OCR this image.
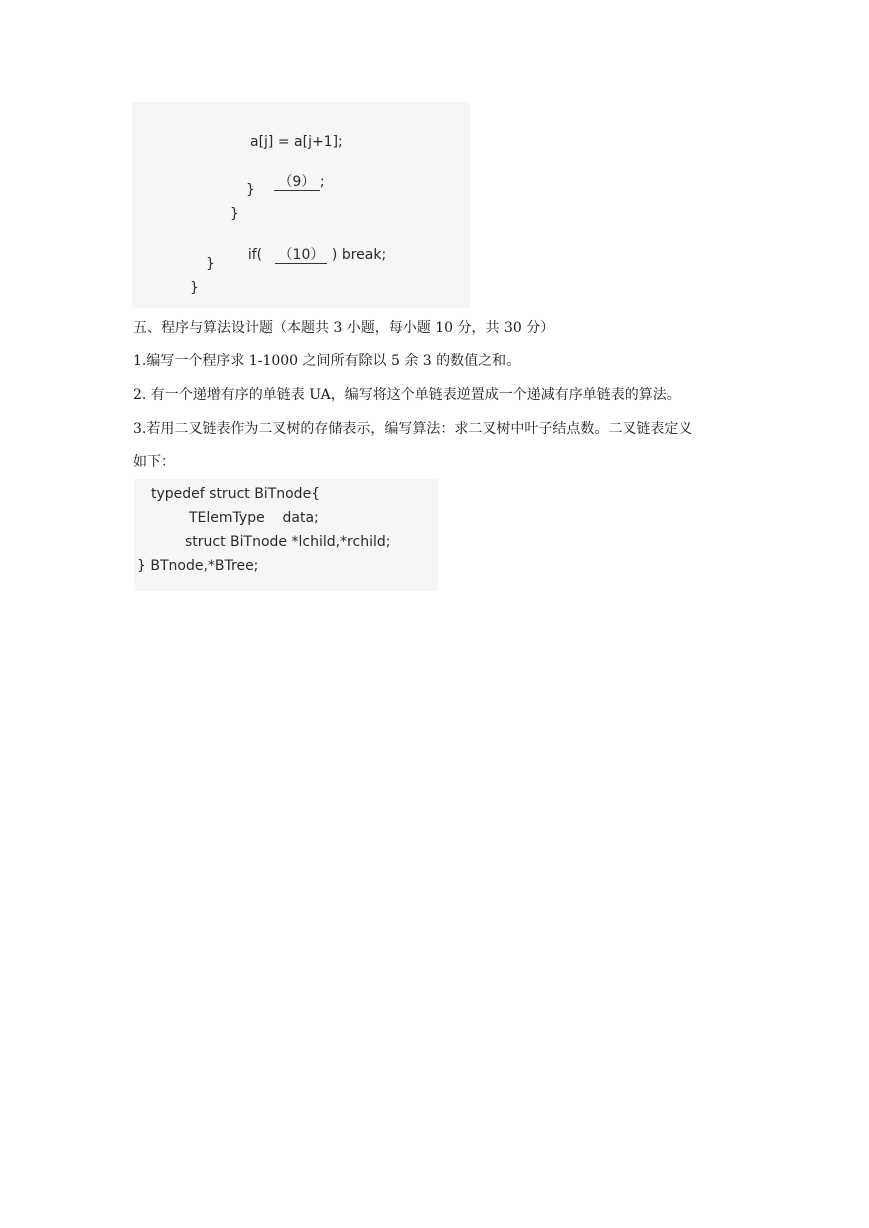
a[j] = a[j+1];

（9） ;

}
}

if( （10） ) break;

}
}
五、程序与算法设计题（本题共 3 小题，每小题 10 分，共 30 分）
1.编写一个程序求 1-1000 之间所有除以 5 余 3 的数值之和。
2. 有一个递增有序的单链表 UA，编写将这个单链表逆置成一个递减有序单链表的算法。
3.若用二叉链表作为二叉树的存储表示，编写算法：求二叉树中叶子结点数。二叉链表定义
如下：
typedef struct BiTnode{
TElemType    data;
struct BiTnode *lchild,*rchild;
} BTnode,*BTree;
